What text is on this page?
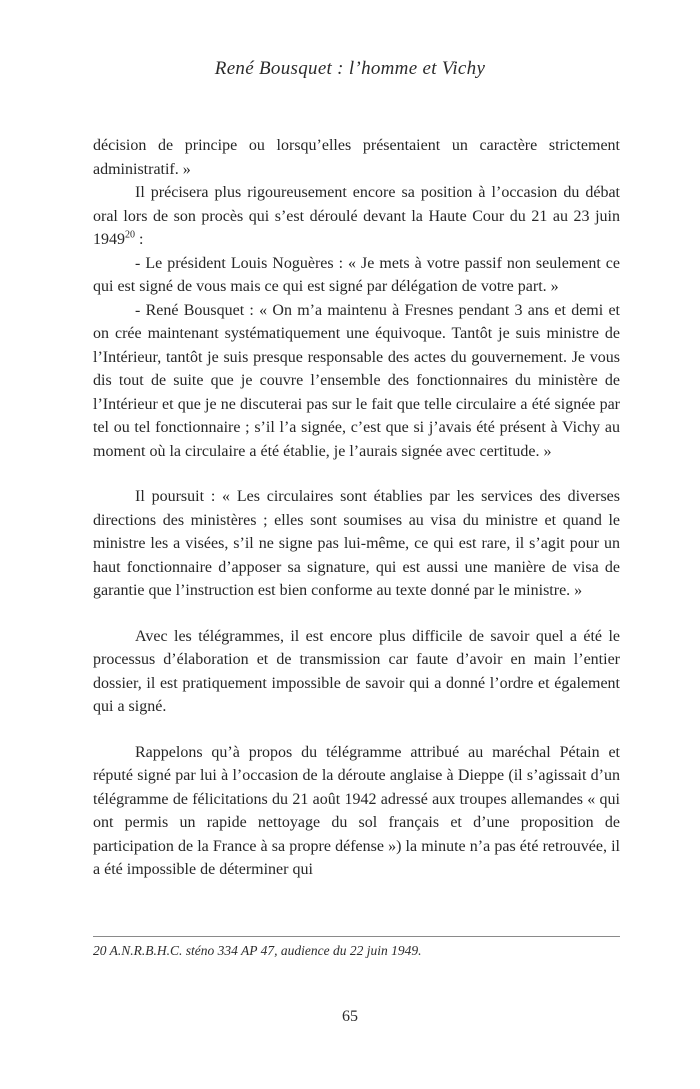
René Bousquet : l’homme et Vichy

décision de principe ou lorsqu’elles présentaient un caractère strictement administratif. »

Il précisera plus rigoureusement encore sa position à l’occasion du débat oral lors de son procès qui s’est déroulé devant la Haute Cour du 21 au 23 juin 1949$^{20}$ :

- Le président Louis Noguères : « Je mets à votre passif non seulement ce qui est signé de vous mais ce qui est signé par délégation de votre part. »

- René Bousquet : « On m’a maintenu à Fresnes pendant 3 ans et demi et on crée maintenant systématiquement une équivoque. Tantôt je suis ministre de l’Intérieur, tantôt je suis presque responsable des actes du gouvernement. Je vous dis tout de suite que je couvre l’ensemble des fonctionnaires du ministère de l’Intérieur et que je ne discuterai pas sur le fait que telle circulaire a été signée par tel ou tel fonctionnaire ; s’il l’a signée, c’est que si j’avais été présent à Vichy au moment où la circulaire a été établie, je l’aurais signée avec certitude. »

Il poursuit : « Les circulaires sont établies par les services des diverses directions des ministères ; elles sont soumises au visa du ministre et quand le ministre les a visées, s’il ne signe pas lui-même, ce qui est rare, il s’agit pour un haut fonctionnaire d’apposer sa signature, qui est aussi une manière de visa de garantie que l’instruction est bien conforme au texte donné par le ministre. »

Avec les télégrammes, il est encore plus difficile de savoir quel a été le processus d’élaboration et de transmission car faute d’avoir en main l’entier dossier, il est pratiquement impossible de savoir qui a donné l’ordre et également qui a signé.

Rappelons qu’à propos du télégramme attribué au maréchal Pétain et réputé signé par lui à l’occasion de la déroute anglaise à Dieppe (il s’agissait d’un télégramme de félicitations du 21 août 1942 adressé aux troupes allemandes « qui ont permis un rapide nettoyage du sol français et d’une proposition de participation de la France à sa propre défense ») la minute n’a pas été retrouvée, il a été impossible de déterminer qui

20 A.N.R.B.H.C. sténo 334 AP 47, audience du 22 juin 1949.
65
